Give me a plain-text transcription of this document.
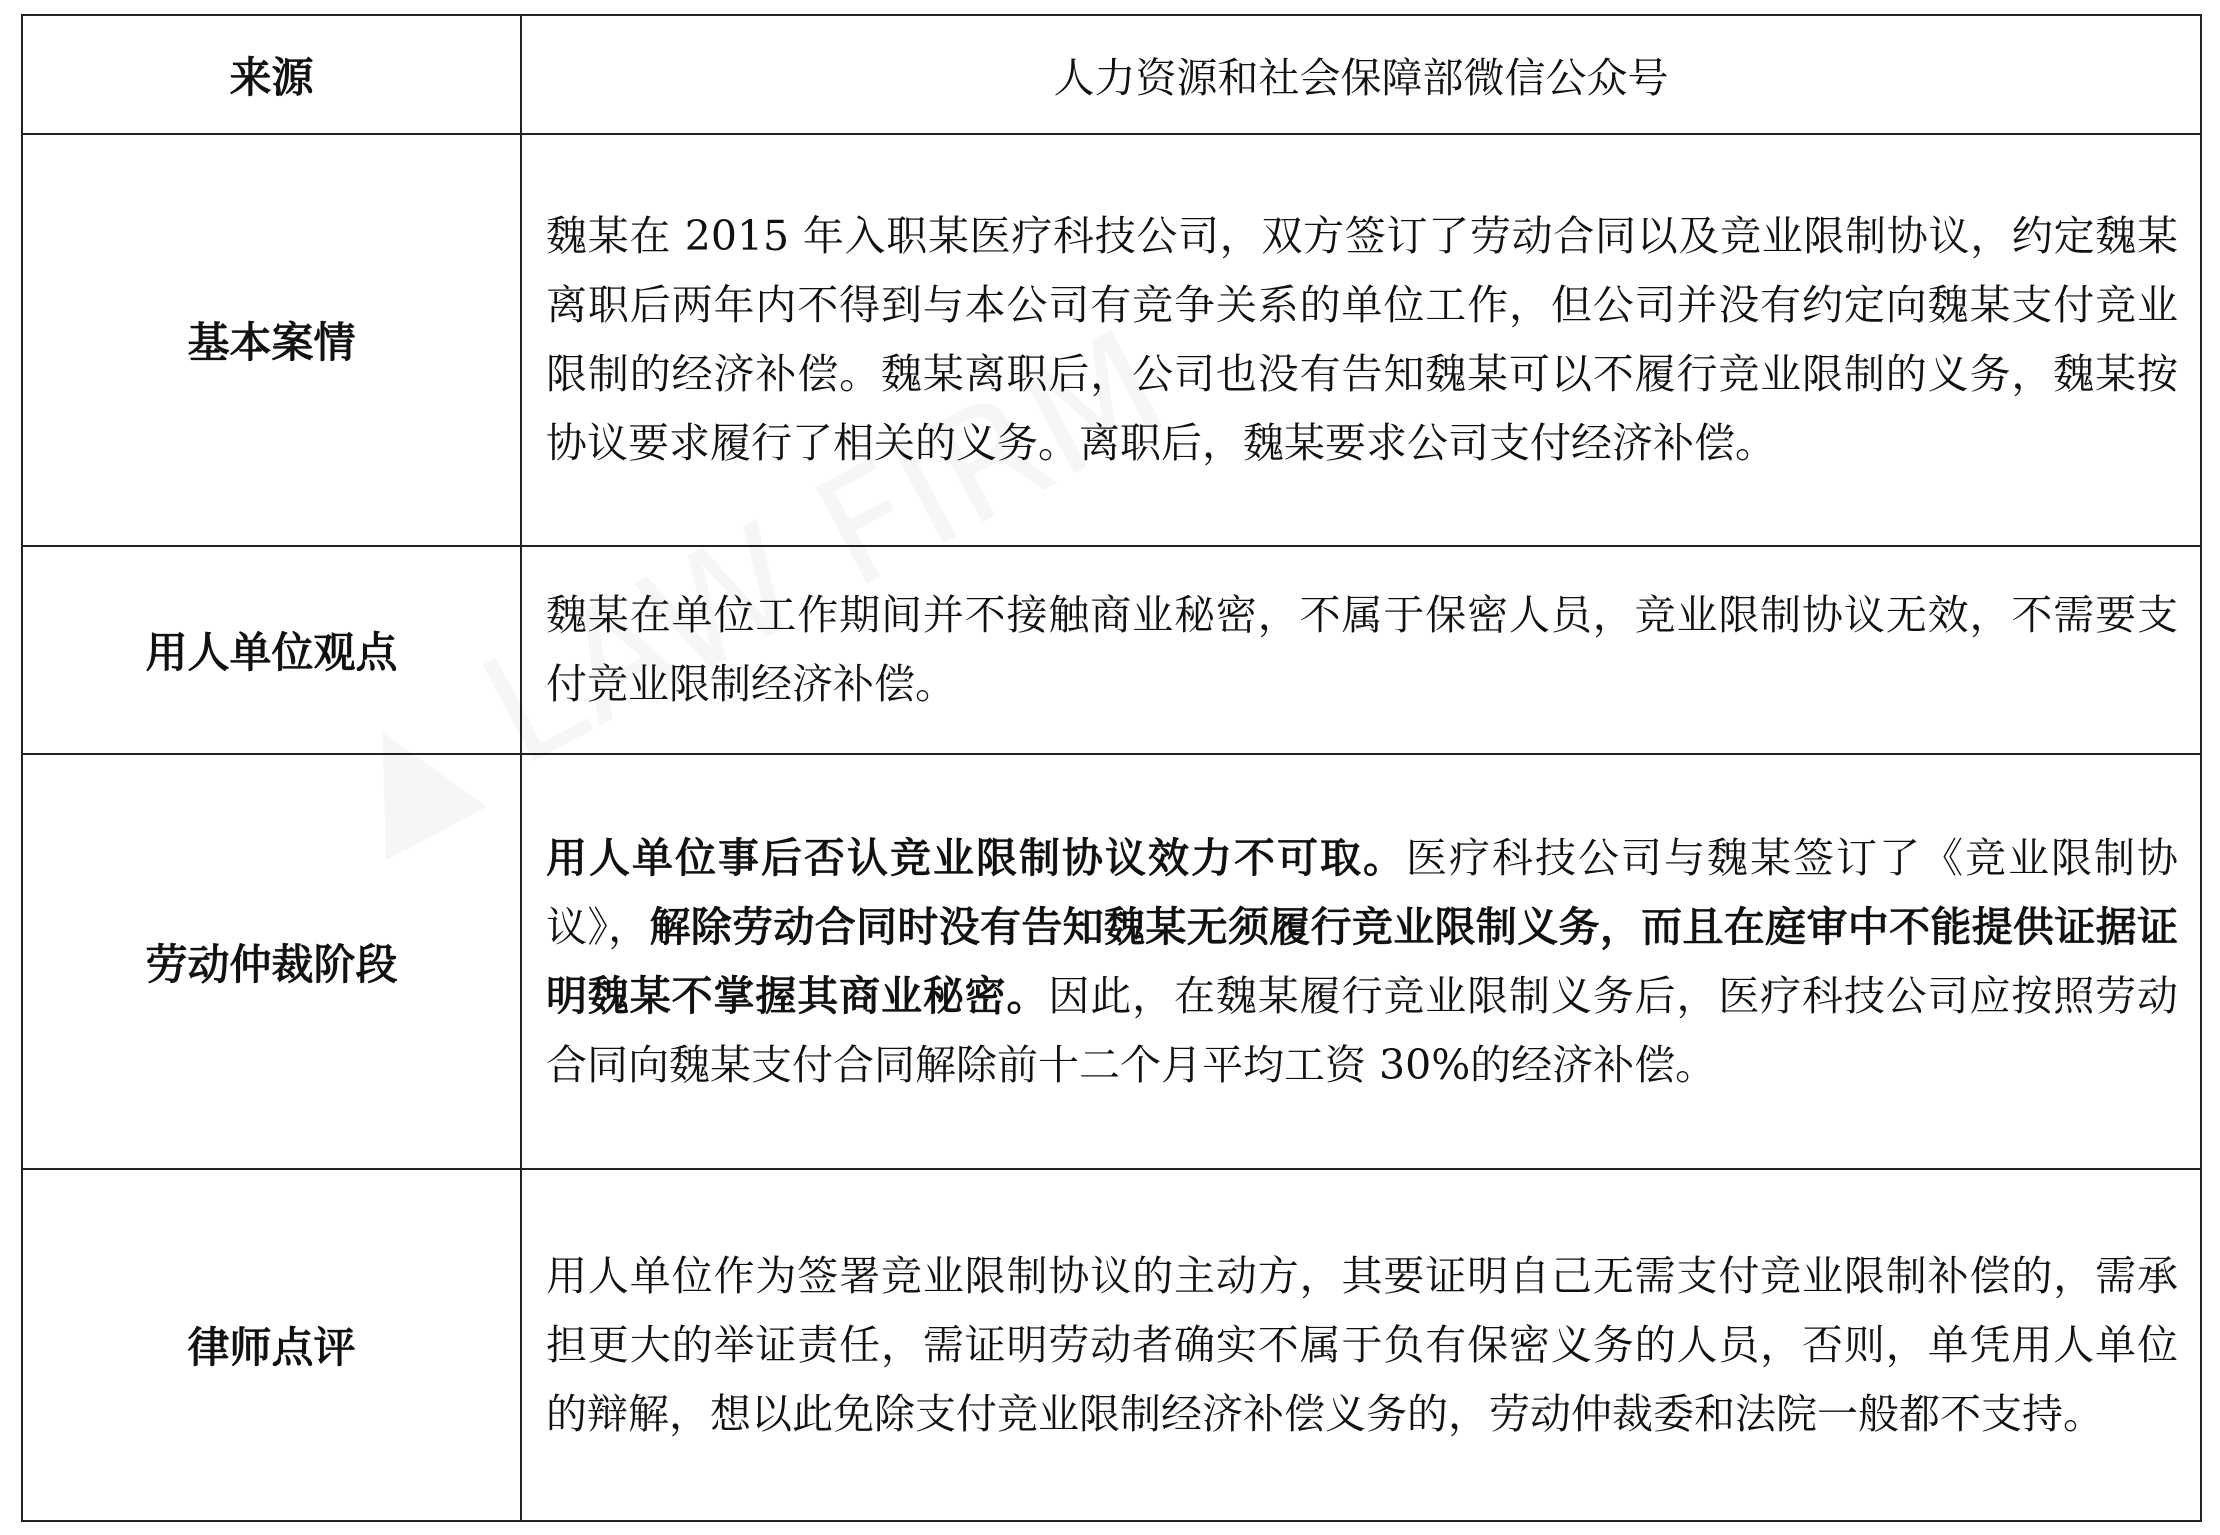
来源	人力资源和社会保障部微信公众号
基本案情	魏某在 2015 年入职某医疗科技公司，双方签订了劳动合同以及竞业限制协议，约定魏某离职后两年内不得到与本公司有竞争关系的单位工作，但公司并没有约定向魏某支付竞业限制的经济补偿。魏某离职后，公司也没有告知魏某可以不履行竞业限制的义务，魏某按协议要求履行了相关的义务。离职后，魏某要求公司支付经济补偿。
用人单位观点	魏某在单位工作期间并不接触商业秘密，不属于保密人员，竞业限制协议无效，不需要支付竞业限制经济补偿。
劳动仲裁阶段	用人单位事后否认竞业限制协议效力不可取。医疗科技公司与魏某签订了《竞业限制协议》，解除劳动合同时没有告知魏某无须履行竞业限制义务，而且在庭审中不能提供证据证明魏某不掌握其商业秘密。因此，在魏某履行竞业限制义务后，医疗科技公司应按照劳动合同向魏某支付合同解除前十二个月平均工资 30%的经济补偿。
律师点评	用人单位作为签署竞业限制协议的主动方，其要证明自己无需支付竞业限制补偿的，需承担更大的举证责任，需证明劳动者确实不属于负有保密义务的人员，否则，单凭用人单位的辩解，想以此免除支付竞业限制经济补偿义务的，劳动仲裁委和法院一般都不支持。
